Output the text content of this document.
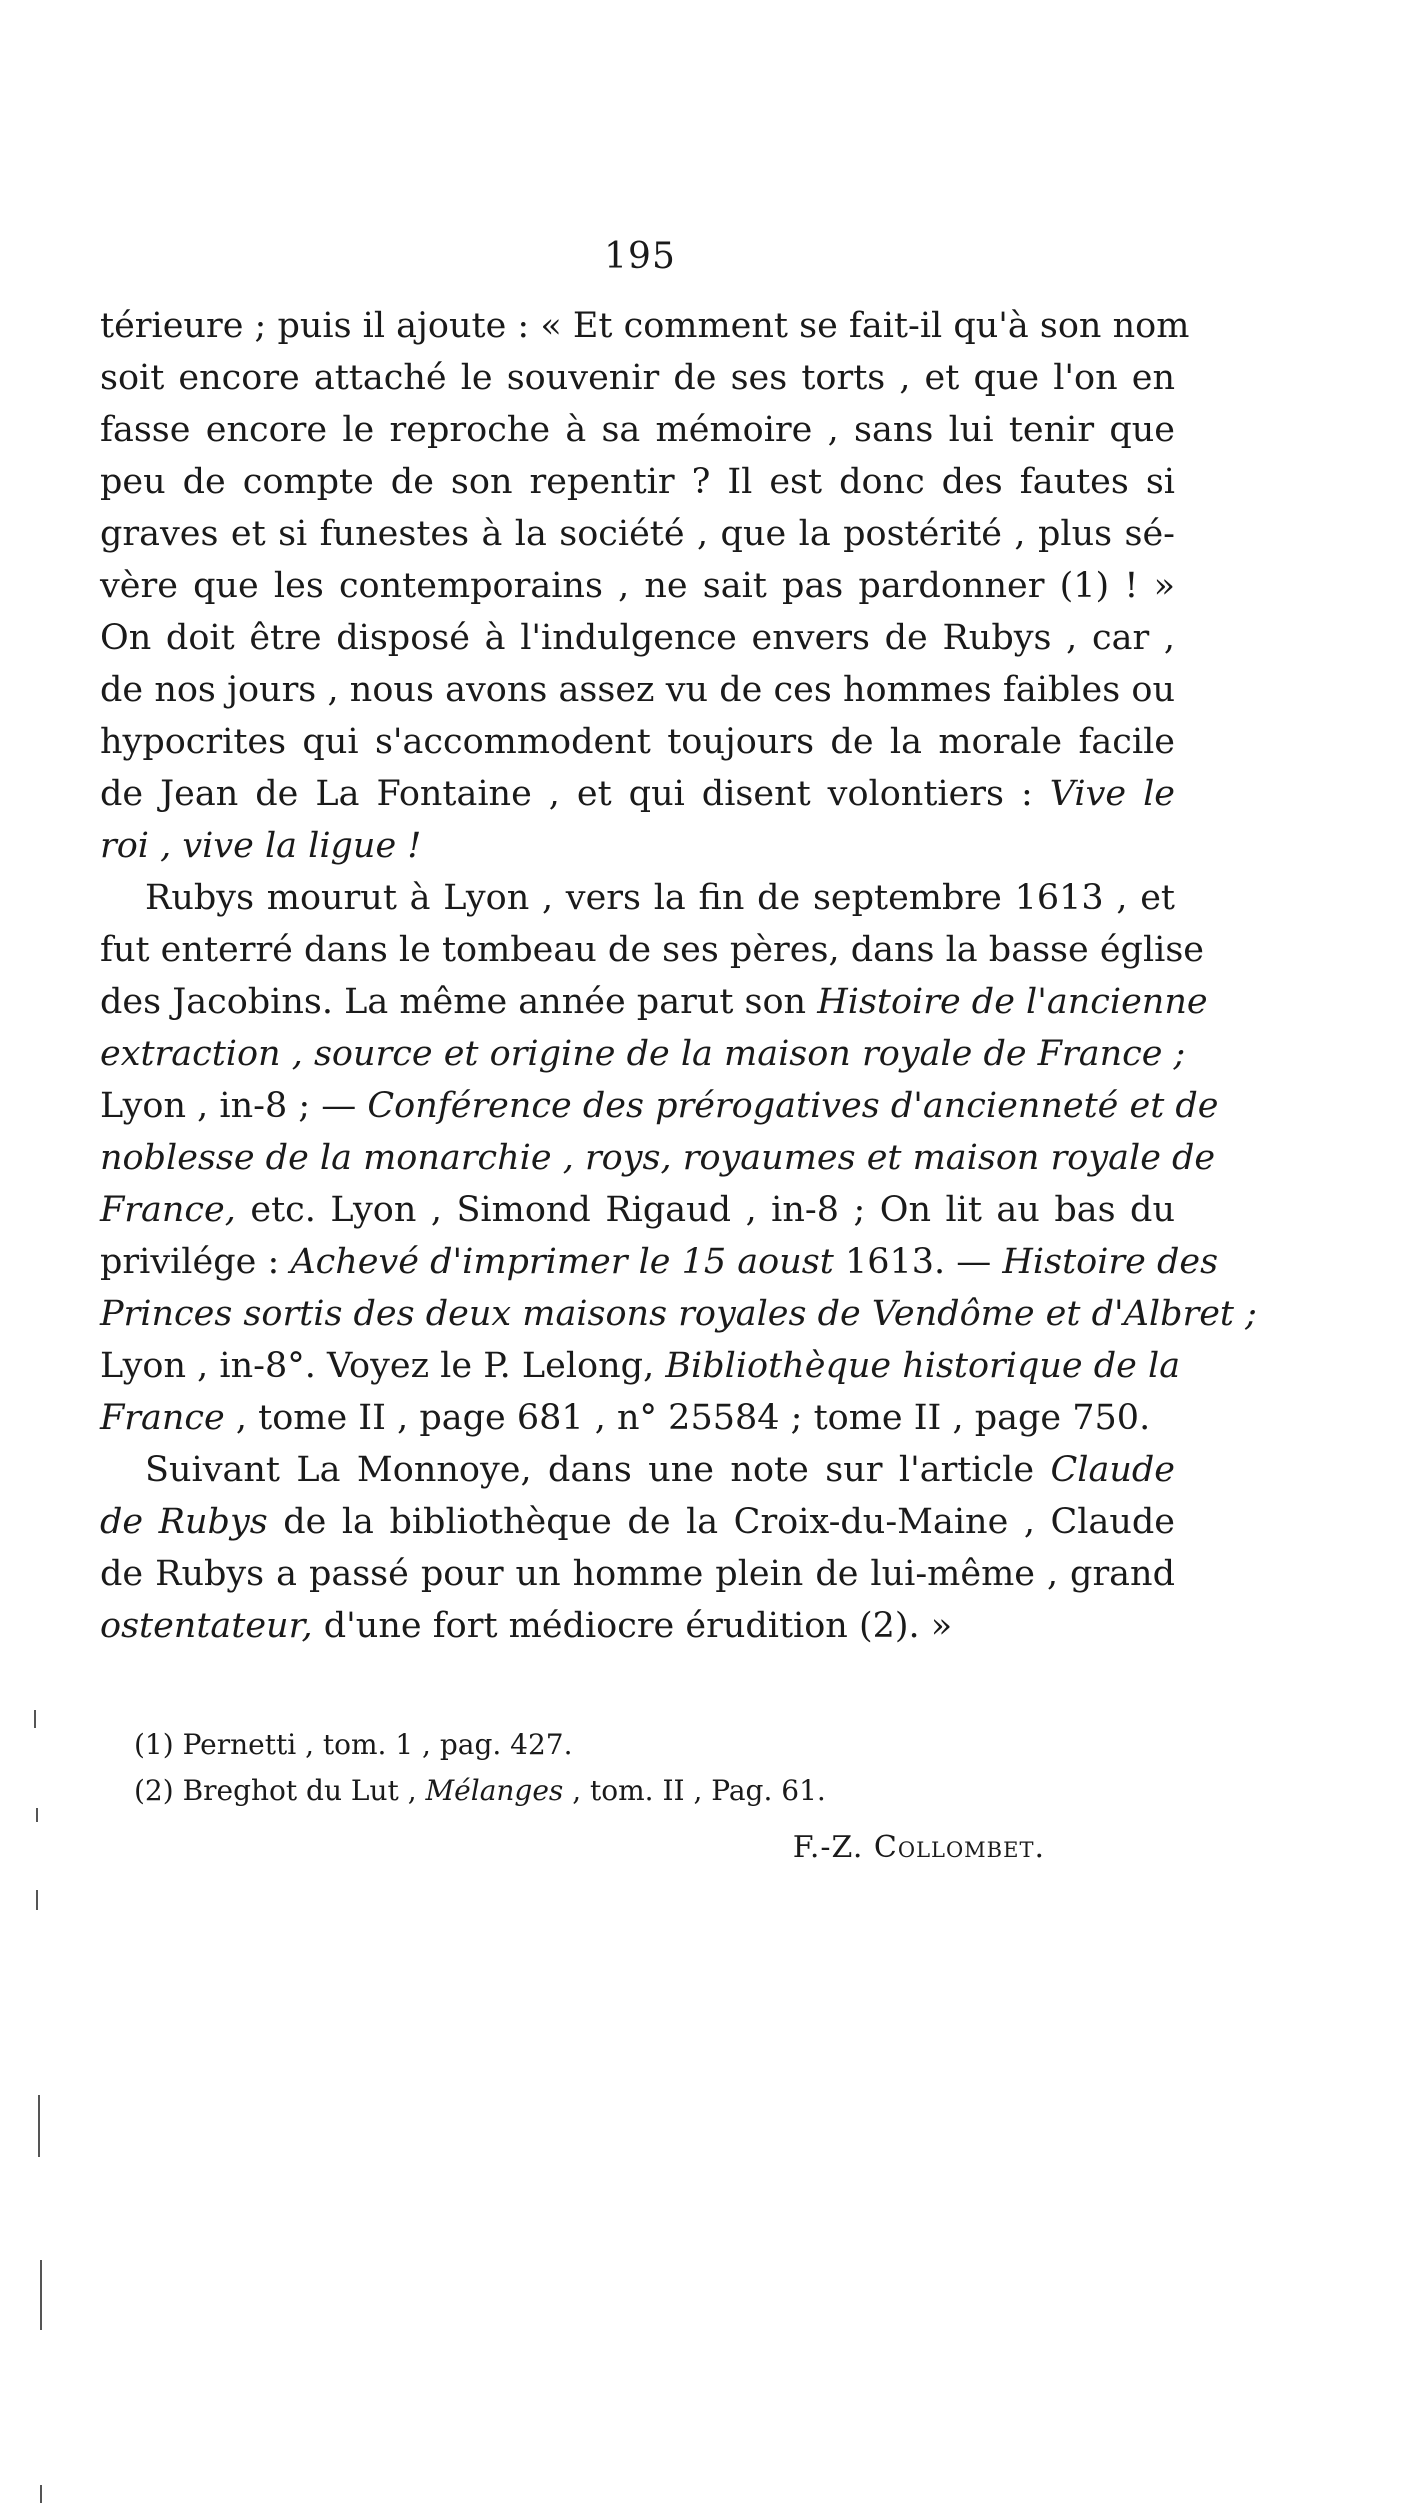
195
térieure ; puis il ajoute : « Et comment se fait-il qu'à son nom
soit encore attaché le souvenir de ses torts , et que l'on en
fasse encore le reproche à sa mémoire , sans lui tenir que
peu de compte de son repentir ? Il est donc des fautes si
graves et si funestes à la société , que la postérité , plus sé-
vère que les contemporains , ne sait pas pardonner (1) ! »
On doit être disposé à l'indulgence envers de Rubys , car ,
de nos jours , nous avons assez vu de ces hommes faibles ou
hypocrites qui s'accommodent toujours de la morale facile
de Jean de La Fontaine , et qui disent volontiers : Vive le
roi , vive la ligue !
Rubys mourut à Lyon , vers la fin de septembre 1613 , et
fut enterré dans le tombeau de ses pères, dans la basse église
des Jacobins. La même année parut son Histoire de l'ancienne
extraction , source et origine de la maison royale de France ;
Lyon , in-8 ; — Conférence des prérogatives d'ancienneté et de
noblesse de la monarchie , roys, royaumes et maison royale de
France, etc. Lyon , Simond Rigaud , in-8 ; On lit au bas du
privilége : Achevé d'imprimer le 15 aoust 1613. — Histoire des
Princes sortis des deux maisons royales de Vendôme et d'Albret ;
Lyon , in-8°. Voyez le P. Lelong, Bibliothèque historique de la
France , tome II , page 681 , n° 25584 ; tome II , page 750.
Suivant La Monnoye, dans une note sur l'article Claude
de Rubys de la bibliothèque de la Croix-du-Maine , Claude
de Rubys a passé pour un homme plein de lui-même , grand
ostentateur, d'une fort médiocre érudition (2). »
(1) Pernetti , tom. 1 , pag. 427.
(2) Breghot du Lut , Mélanges , tom. II , Pag. 61.
F.-Z. Collombet.
